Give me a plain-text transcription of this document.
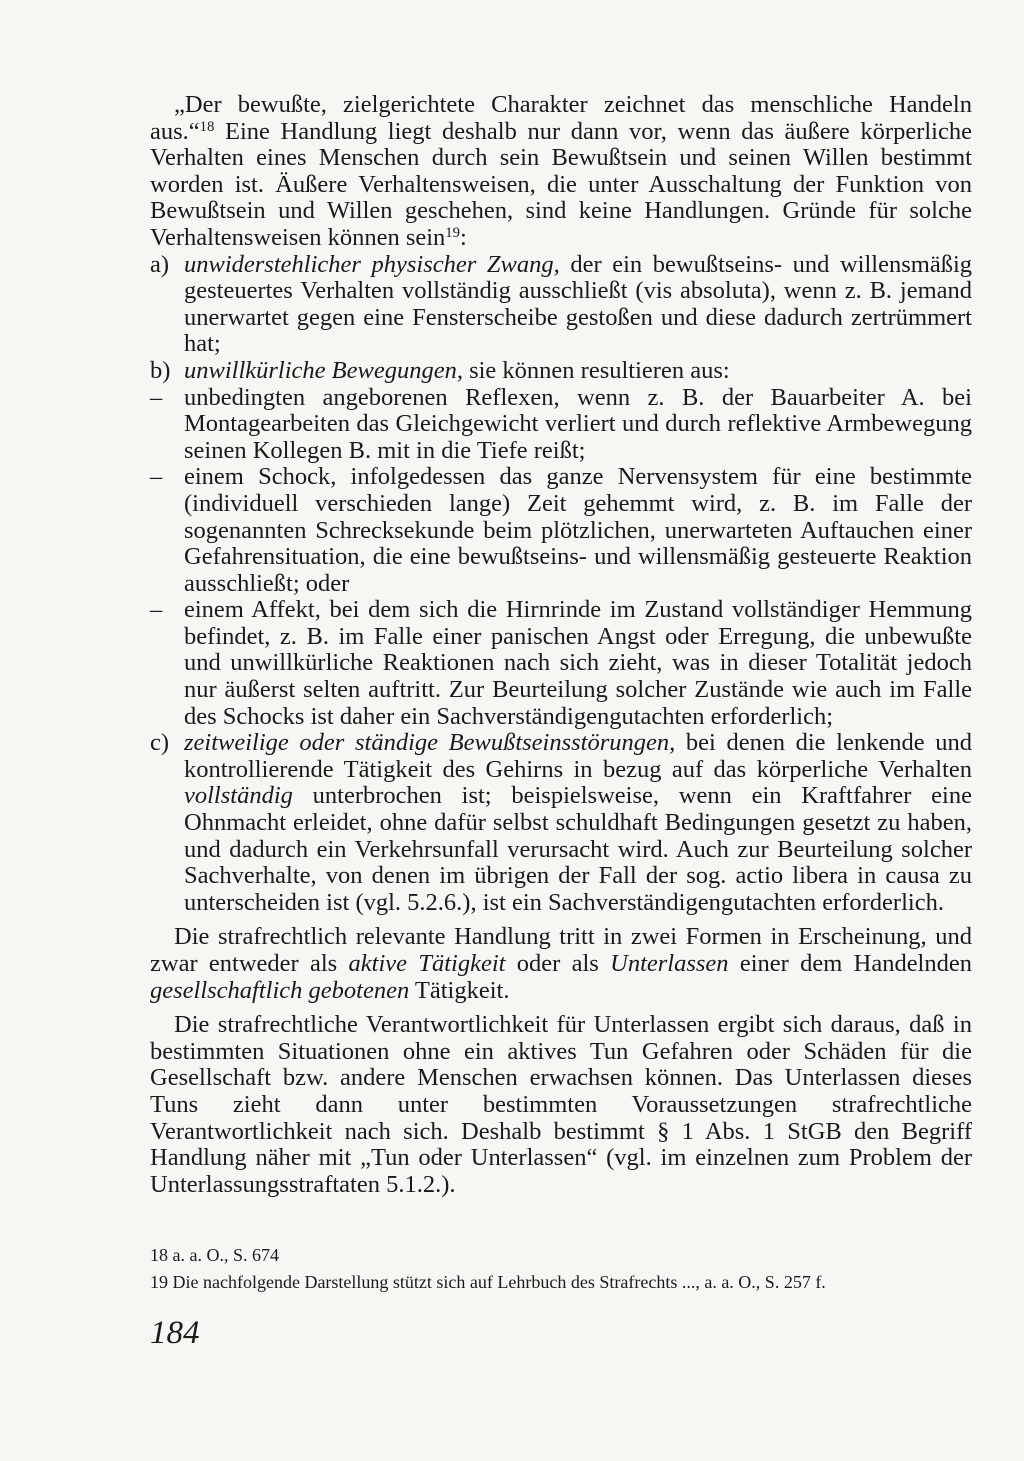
„Der bewußte, zielgerichtete Charakter zeichnet das menschliche Handeln aus.“$^{18}$ Eine Handlung liegt deshalb nur dann vor, wenn das äußere körperliche Verhalten eines Menschen durch sein Bewußtsein und seinen Willen bestimmt worden ist. Äußere Verhaltensweisen, die unter Ausschaltung der Funktion von Bewußtsein und Willen geschehen, sind keine Handlungen. Gründe für solche Verhaltensweisen können sein$^{19}$:

a) unwiderstehlicher physischer Zwang, der ein bewußtseins- und willensmäßig gesteuertes Verhalten vollständig ausschließt (vis absoluta), wenn z. B. jemand unerwartet gegen eine Fensterscheibe gestoßen und diese dadurch zertrümmert hat;
b) unwillkürliche Bewegungen, sie können resultieren aus:
– unbedingten angeborenen Reflexen, wenn z. B. der Bauarbeiter A. bei Montagearbeiten das Gleichgewicht verliert und durch reflektive Armbewegung seinen Kollegen B. mit in die Tiefe reißt;
– einem Schock, infolgedessen das ganze Nervensystem für eine bestimmte (individuell verschieden lange) Zeit gehemmt wird, z. B. im Falle der sogenannten Schrecksekunde beim plötzlichen, unerwarteten Auftauchen einer Gefahrensituation, die eine bewußtseins- und willensmäßig gesteuerte Reaktion ausschließt; oder
– einem Affekt, bei dem sich die Hirnrinde im Zustand vollständiger Hemmung befindet, z. B. im Falle einer panischen Angst oder Erregung, die unbewußte und unwillkürliche Reaktionen nach sich zieht, was in dieser Totalität jedoch nur äußerst selten auftritt. Zur Beurteilung solcher Zustände wie auch im Falle des Schocks ist daher ein Sachverständigengutachten erforderlich;
c) zeitweilige oder ständige Bewußtseinsstörungen, bei denen die lenkende und kontrollierende Tätigkeit des Gehirns in bezug auf das körperliche Verhalten vollständig unterbrochen ist; beispielsweise, wenn ein Kraftfahrer eine Ohnmacht erleidet, ohne dafür selbst schuldhaft Bedingungen gesetzt zu haben, und dadurch ein Verkehrsunfall verursacht wird. Auch zur Beurteilung solcher Sachverhalte, von denen im übrigen der Fall der sog. actio libera in causa zu unterscheiden ist (vgl. 5.2.6.), ist ein Sachverständigengutachten erforderlich.

Die strafrechtlich relevante Handlung tritt in zwei Formen in Erscheinung, und zwar entweder als aktive Tätigkeit oder als Unterlassen einer dem Handelnden gesellschaftlich gebotenen Tätigkeit.

Die strafrechtliche Verantwortlichkeit für Unterlassen ergibt sich daraus, daß in bestimmten Situationen ohne ein aktives Tun Gefahren oder Schäden für die Gesellschaft bzw. andere Menschen erwachsen können. Das Unterlassen dieses Tuns zieht dann unter bestimmten Voraussetzungen strafrechtliche Verantwortlichkeit nach sich. Deshalb bestimmt § 1 Abs. 1 StGB den Begriff Handlung näher mit „Tun oder Unterlassen“ (vgl. im einzelnen zum Problem der Unterlassungsstraftaten 5.1.2.).

18 a. a. O., S. 674
19 Die nachfolgende Darstellung stützt sich auf Lehrbuch des Strafrechts ..., a. a. O., S. 257 f.
184
